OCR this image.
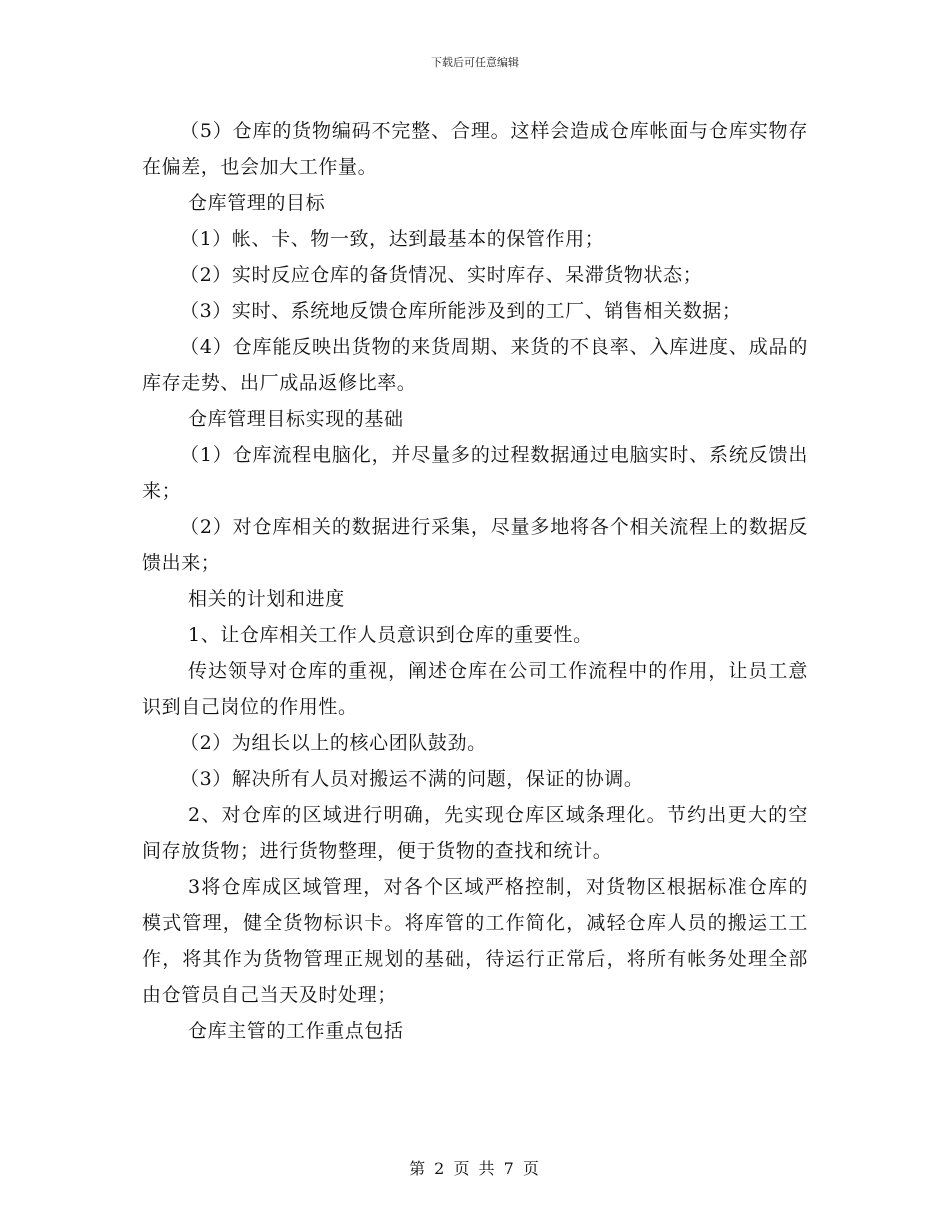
下载后可任意编辑

（5）仓库的货物编码不完整、合理。这样会造成仓库帐面与仓库实物存在偏差，也会加大工作量。

仓库管理的目标

（1）帐、卡、物一致，达到最基本的保管作用；

（2）实时反应仓库的备货情况、实时库存、呆滞货物状态；

（3）实时、系统地反馈仓库所能涉及到的工厂、销售相关数据；

（4）仓库能反映出货物的来货周期、来货的不良率、入库进度、成品的库存走势、出厂成品返修比率。

仓库管理目标实现的基础

（1）仓库流程电脑化，并尽量多的过程数据通过电脑实时、系统反馈出来；

（2）对仓库相关的数据进行采集，尽量多地将各个相关流程上的数据反馈出来；

相关的计划和进度

1、让仓库相关工作人员意识到仓库的重要性。

传达领导对仓库的重视，阐述仓库在公司工作流程中的作用，让员工意识到自己岗位的作用性。

（2）为组长以上的核心团队鼓劲。

（3）解决所有人员对搬运不满的问题，保证的协调。

2、对仓库的区域进行明确，先实现仓库区域条理化。节约出更大的空间存放货物；进行货物整理，便于货物的查找和统计。

3将仓库成区域管理，对各个区域严格控制，对货物区根据标准仓库的模式管理，健全货物标识卡。将库管的工作简化，减轻仓库人员的搬运工工作，将其作为货物管理正规划的基础，待运行正常后，将所有帐务处理全部由仓管员自己当天及时处理；

仓库主管的工作重点包括

第 2 页 共 7 页
